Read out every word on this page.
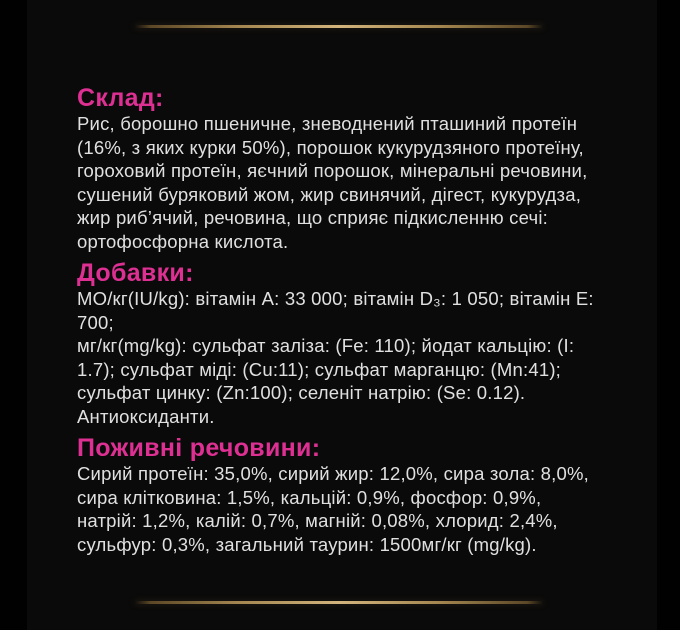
Склад:
Рис, борошно пшеничне, зневоднений пташиний протеїн
(16%, з яких курки 50%), порошок кукурудзяного протеїну,
гороховий протеїн, яєчний порошок, мінеральні речовини,
сушений буряковий жом, жир свинячий, дігест, кукурудза,
жир риб’ячий, речовина, що сприяє підкисленню сечі:
ортофосфорна кислота.
Добавки:
МО/кг(IU/kg): вітамін A: 33 000; вітамін D₃: 1 050; вітамін E:
700;
мг/кг(mg/kg): сульфат заліза: (Fe: 110); йодат кальцію: (I:
1.7); сульфат міді: (Cu:11); сульфат марганцю: (Mn:41);
сульфат цинку: (Zn:100); селеніт натрію: (Se: 0.12).
Антиоксиданти.
Поживні речовини:
Сирий протеїн: 35,0%, сирий жир: 12,0%, сира зола: 8,0%,
сира клітковина: 1,5%, кальцій: 0,9%, фосфор: 0,9%,
натрій: 1,2%, калій: 0,7%, магній: 0,08%, хлорид: 2,4%,
сульфур: 0,3%, загальний таурин: 1500мг/кг (mg/kg).
